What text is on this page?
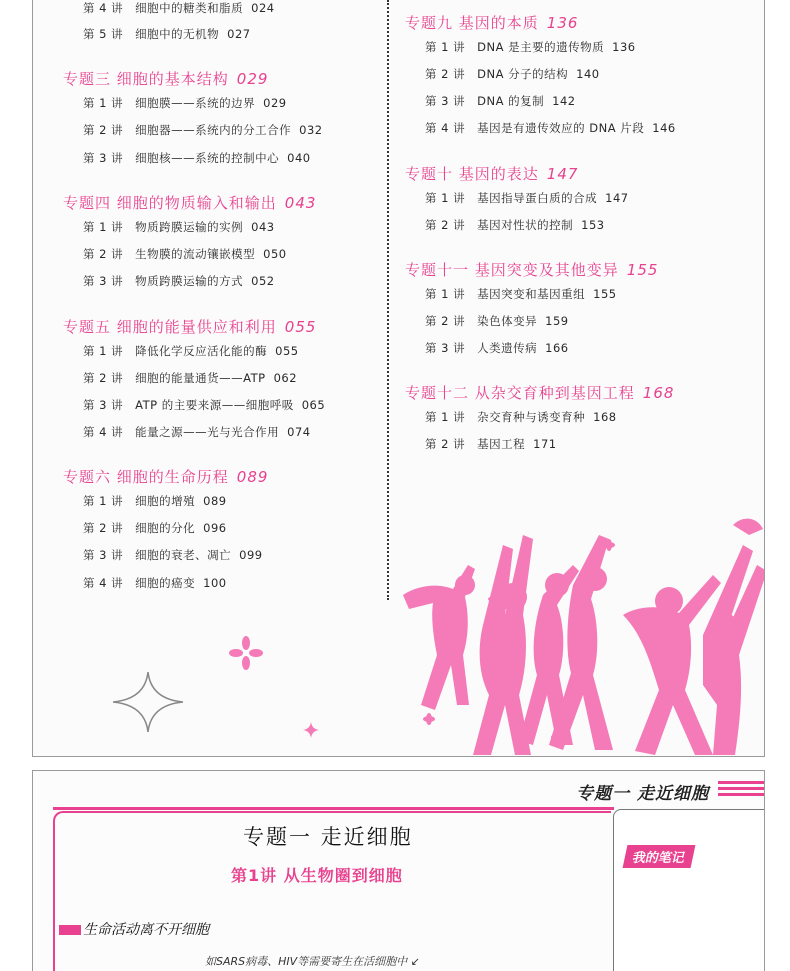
第 4 讲 细胞中的糖类和脂质 024
第 5 讲 细胞中的无机物 027
专题三 细胞的基本结构 029
第 1 讲 细胞膜——系统的边界 029
第 2 讲 细胞器——系统内的分工合作 032
第 3 讲 细胞核——系统的控制中心 040
专题四 细胞的物质输入和输出 043
第 1 讲 物质跨膜运输的实例 043
第 2 讲 生物膜的流动镶嵌模型 050
第 3 讲 物质跨膜运输的方式 052
专题五 细胞的能量供应和利用 055
第 1 讲 降低化学反应活化能的酶 055
第 2 讲 细胞的能量通货——ATP 062
第 3 讲 ATP 的主要来源——细胞呼吸 065
第 4 讲 能量之源——光与光合作用 074
专题六 细胞的生命历程 089
第 1 讲 细胞的增殖 089
第 2 讲 细胞的分化 096
第 3 讲 细胞的衰老、凋亡 099
第 4 讲 细胞的癌变 100
专题九 基因的本质 136
第 1 讲 DNA 是主要的遗传物质 136
第 2 讲 DNA 分子的结构 140
第 3 讲 DNA 的复制 142
第 4 讲 基因是有遗传效应的 DNA 片段 146
专题十 基因的表达 147
第 1 讲 基因指导蛋白质的合成 147
第 2 讲 基因对性状的控制 153
专题十一 基因突变及其他变异 155
第 1 讲 基因突变和基因重组 155
第 2 讲 染色体变异 159
第 3 讲 人类遗传病 166
专题十二 从杂交育种到基因工程 168
第 1 讲 杂交育种与诱变育种 168
第 2 讲 基因工程 171
专题一 走近细胞
我的笔记
专题一 走近细胞
第1讲 从生物圈到细胞
生命活动离不开细胞
如SARS病毒、HIV等需要寄生在活细胞中 ↙
